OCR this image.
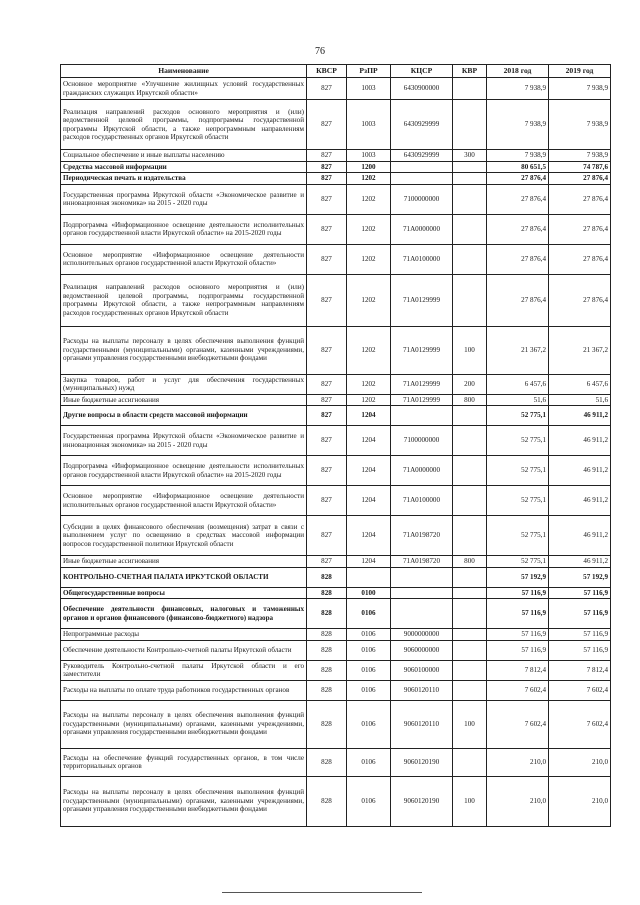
76
Наименование	КВСР	РзПР	КЦСР	КВР	2018 год	2019 год
Основное мероприятие «Улучшение жилищных условий государственных гражданских служащих Иркутской области»	827	1003	6430900000		7 938,9	7 938,9
Реализация направлений расходов основного мероприятия и (или) ведомственной целевой программы, подпрограммы государственной программы Иркутской области, а также непрограммным направлениям расходов государственных органов Иркутской области	827	1003	6430929999		7 938,9	7 938,9
Социальное обеспечение и иные выплаты населению	827	1003	6430929999	300	7 938,9	7 938,9
Средства массовой информации	827	1200			80 651,5	74 787,6
Периодическая печать и издательства	827	1202			27 876,4	27 876,4
Государственная программа Иркутской области «Экономическое развитие и инновационная экономика» на 2015 - 2020 годы	827	1202	7100000000		27 876,4	27 876,4
Подпрограмма «Информационное освещение деятельности исполнительных органов государственной власти Иркутской области» на 2015-2020 годы	827	1202	71А0000000		27 876,4	27 876,4
Основное мероприятие «Информационное освещение деятельности исполнительных органов государственной власти Иркутской области»	827	1202	71А0100000		27 876,4	27 876,4
Реализация направлений расходов основного мероприятия и (или) ведомственной целевой программы, подпрограммы государственной программы Иркутской области, а также непрограммным направлениям расходов государственных органов Иркутской области	827	1202	71А0129999		27 876,4	27 876,4
Расходы на выплаты персоналу в целях обеспечения выполнения функций государственными (муниципальными) органами, казенными учреждениями, органами управления государственными внебюджетными фондами	827	1202	71А0129999	100	21 367,2	21 367,2
Закупка товаров, работ и услуг для обеспечения государственных (муниципальных) нужд	827	1202	71А0129999	200	6 457,6	6 457,6
Иные бюджетные ассигнования	827	1202	71А0129999	800	51,6	51,6
Другие вопросы в области средств массовой информации	827	1204			52 775,1	46 911,2
Государственная программа Иркутской области «Экономическое развитие и инновационная экономика» на 2015 - 2020 годы	827	1204	7100000000		52 775,1	46 911,2
Подпрограмма «Информационное освещение деятельности исполнительных органов государственной власти Иркутской области» на 2015-2020 годы	827	1204	71А0000000		52 775,1	46 911,2
Основное мероприятие «Информационное освещение деятельности исполнительных органов государственной власти Иркутской области»	827	1204	71А0100000		52 775,1	46 911,2
Субсидии в целях финансового обеспечения (возмещения) затрат в связи с выполнением услуг по освещению в средствах массовой информации вопросов государственной политики Иркутской области	827	1204	71А0198720		52 775,1	46 911,2
Иные бюджетные ассигнования	827	1204	71А0198720	800	52 775,1	46 911,2
КОНТРОЛЬНО-СЧЕТНАЯ ПАЛАТА ИРКУТСКОЙ ОБЛАСТИ	828				57 192,9	57 192,9
Общегосударственные вопросы	828	0100			57 116,9	57 116,9
Обеспечение деятельности финансовых, налоговых и таможенных органов и органов финансового (финансово-бюджетного) надзора	828	0106			57 116,9	57 116,9
Непрограммные расходы	828	0106	9000000000		57 116,9	57 116,9
Обеспечение деятельности Контрольно-счетной палаты Иркутской области	828	0106	9060000000		57 116,9	57 116,9
Руководитель Контрольно-счетной палаты Иркутской области и его заместители	828	0106	9060100000		7 812,4	7 812,4
Расходы на выплаты по оплате труда работников государственных органов	828	0106	9060120110		7 602,4	7 602,4
Расходы на выплаты персоналу в целях обеспечения выполнения функций государственными (муниципальными) органами, казенными учреждениями, органами управления государственными внебюджетными фондами	828	0106	9060120110	100	7 602,4	7 602,4
Расходы на обеспечение функций государственных органов, в том числе территориальных органов	828	0106	9060120190		210,0	210,0
Расходы на выплаты персоналу в целях обеспечения выполнения функций государственными (муниципальными) органами, казенными учреждениями, органами управления государственными внебюджетными фондами	828	0106	9060120190	100	210,0	210,0
